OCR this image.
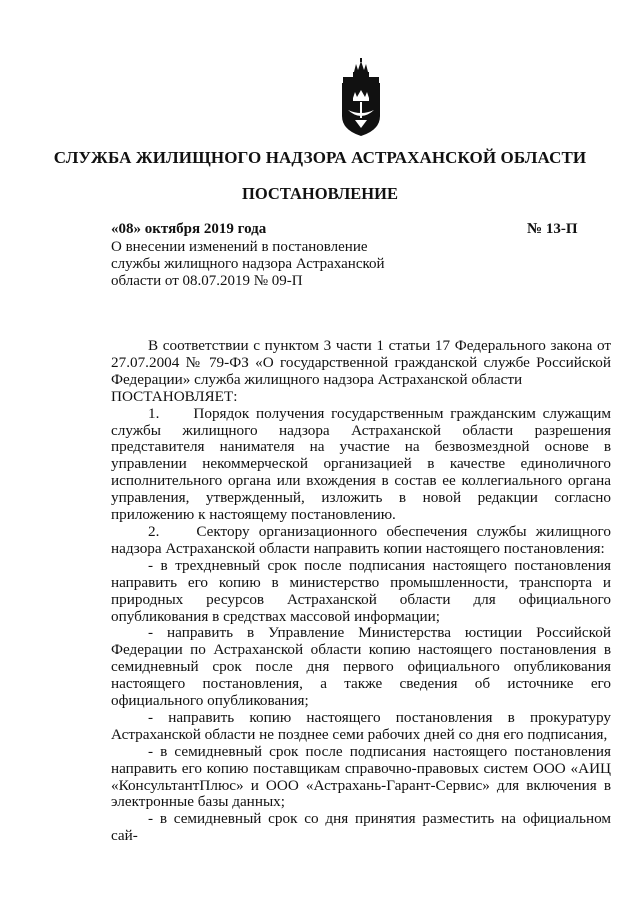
СЛУЖБА ЖИЛИЩНОГО НАДЗОРА АСТРАХАНСКОЙ ОБЛАСТИ
ПОСТАНОВЛЕНИЕ
«08» октября 2019 года	№ 13-П
О внесении изменений в постановление
службы жилищного надзора Астраханской
области от 08.07.2019 № 09-П

В соответствии с пунктом 3 части 1 статьи 17 Федерального закона от 27.07.2004 № 79-ФЗ «О государственной гражданской службе Российской Федерации» служба жилищного надзора Астраханской области

ПОСТАНОВЛЯЕТ:

1.     Порядок получения государственным гражданским служащим службы жилищного надзора Астраханской области разрешения представителя нанимателя на участие на безвозмездной основе в управлении некоммерческой организацией в качестве единоличного исполнительного органа или вхождения в состав ее коллегиального органа управления, утвержденный, изложить в новой редакции согласно приложению к настоящему постановлению.

2.    Сектору организационного обеспечения службы жилищного надзора Астраханской области направить копии настоящего постановления:

- в трехдневный срок после подписания настоящего постановления направить его копию в министерство промышленности, транспорта и природных ресурсов Астраханской области для официального опубликования в средствах массовой информации;

- направить в Управление Министерства юстиции Российской Федерации по Астраханской области копию настоящего постановления в семидневный срок после дня первого официального опубликования настоящего постановления, а также сведения об источнике его официального опубликования;

- направить копию настоящего постановления в прокуратуру Астраханской области не позднее семи рабочих дней со дня его подписания,

- в семидневный срок после подписания настоящего постановления направить его копию поставщикам справочно-правовых систем ООО «АИЦ «КонсультантПлюс» и ООО «Астрахань-Гарант-Сервис» для включения в электронные базы данных;

- в семидневный срок со дня принятия разместить на официальном сай-
